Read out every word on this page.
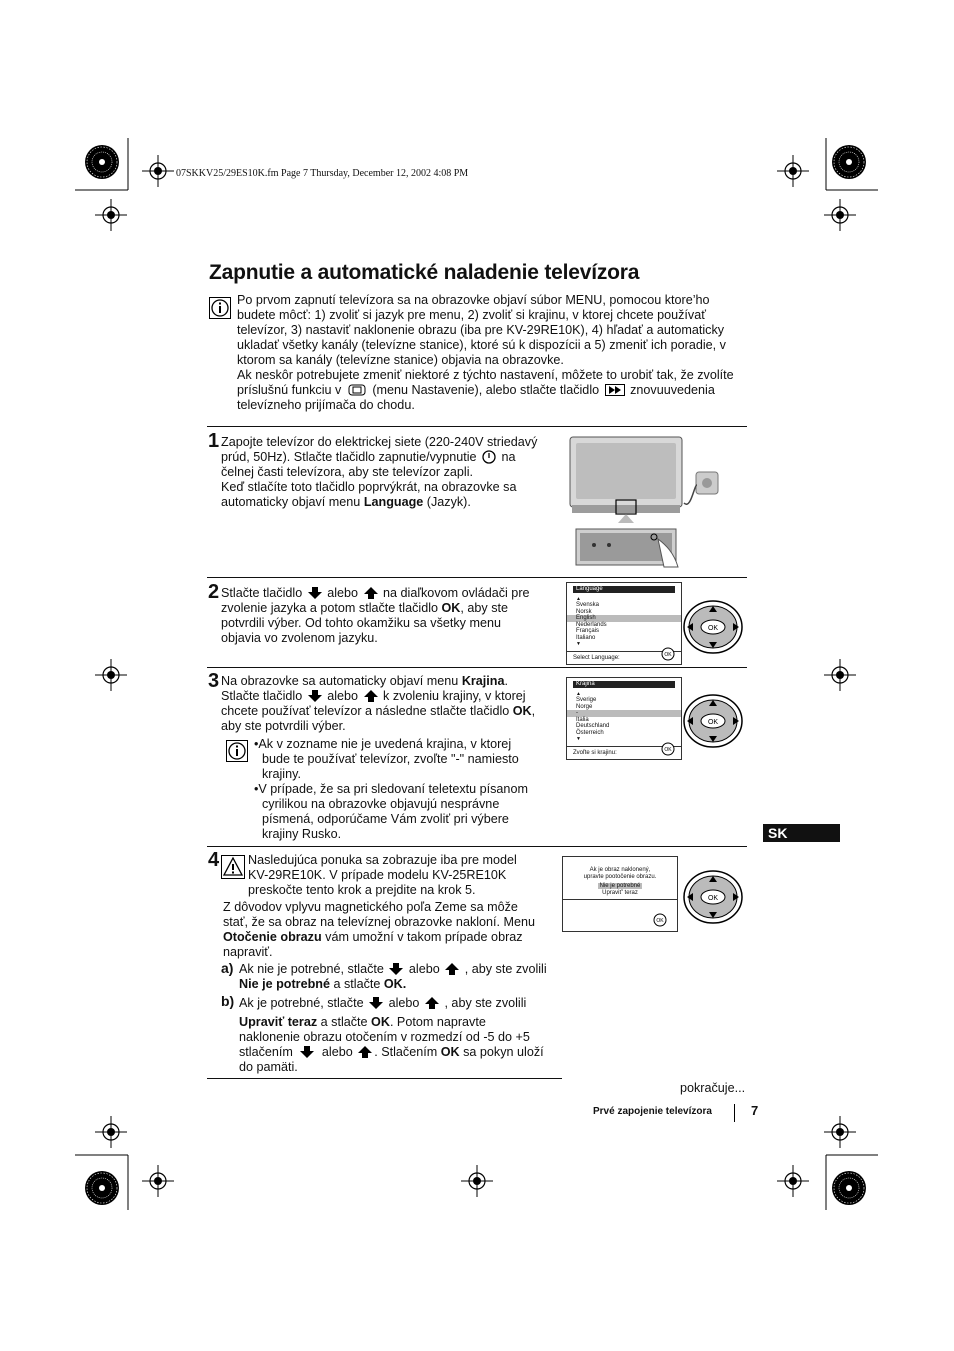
07SKKV25/29ES10K.fm Page 7 Thursday, December 12, 2002 4:08 PM
Zapnutie a automatické naladenie televízora
Po prvom zapnutí televízora sa na obrazovke objaví súbor MENU, pomocou ktore’ho
budete môcť: 1) zvoliť si jazyk pre menu, 2) zvoliť si krajinu, v ktorej chcete používať
televízor, 3) nastaviť naklonenie obrazu (iba pre KV-29RE10K), 4) hľadať a automaticky
ukladať všetky kanály (televízne stanice), ktoré sú k dispozícii a 5) zmeniť ich poradie, v
ktorom sa kanály (televízne stanice) objavia na obrazovke.
Ak neskôr potrebujete zmeniť niektoré z týchto nastavení, môžete to urobiť tak, že zvolíte
príslušnú funkciu v (menu Nastavenie), alebo stlačte tlačidlo znovuuvedenia
televízneho prijímača do chodu.
1 Zapojte televízor do elektrickej siete (220-240V striedavý
prúd, 50Hz). Stlačte tlačidlo zapnutie/vypnutie na
čelnej časti televízora, aby ste televízor zapli.
Keď stlačíte toto tlačidlo poprvýkrát, na obrazovke sa
automaticky objaví menu Language (Jazyk).
2 Stlačte tlačidlo alebo na diaľkovom ovládači pre
zvolenie jazyka a potom stlačte tlačidlo OK, aby ste
potvrdili výber. Od tohto okamžiku sa všetky menu
objavia vo zvolenom jazyku.
Language
▲
Svenska
Norsk
English
Nederlands
Français
Italiano
▼
Select Language:	OK
OK
3 Na obrazovke sa automaticky objaví menu Krajina.
Stlačte tlačidlo alebo k zvoleniu krajiny, v ktorej
chcete používať televízor a následne stlačte tlačidlo OK,
aby ste potvrdili výber.
•Ak v zozname nie je uvedená krajina, v ktorej
bude te používať televízor, zvoľte "-" namiesto
krajiny.
•V prípade, že sa pri sledovaní teletextu písanom
cyrilikou na obrazovke objavujú nesprávne
písmená, odporúčame Vám zvoliť pri výbere
krajiny Rusko.
Krajina
▲
Sverige
Norge
-
Italia
Deutschland
Österreich
▼
Zvoľte si krajinu:	OK
OK
SK
4 Nasledujúca ponuka sa zobrazuje iba pre model
KV-29RE10K. V prípade modelu KV-25RE10K
preskočte tento krok a prejdite na krok 5.
Z dôvodov vplyvu magnetického poľa Zeme sa môže
stať, že sa obraz na televíznej obrazovke nakloní. Menu
Otočenie obrazu vám umožní v takom prípade obraz
napraviť.
a) Ak nie je potrebné, stlačte alebo , aby ste zvolili
Nie je potrebné a stlačte OK.
b) Ak je potrebné, stlačte alebo , aby ste zvolili
Upraviť teraz a stlačte OK. Potom napravte
naklonenie obrazu otočením v rozmedzí od -5 do +5
stlačením alebo . Stlačením OK sa pokyn uloží
do pamäti.
Ak je obraz naklonený,
upravte pootočenie obrazu.
Nie je potrebné
Upraviť' teraz
OK
OK
pokračuje...
Prvé zapojenie televízora	7
